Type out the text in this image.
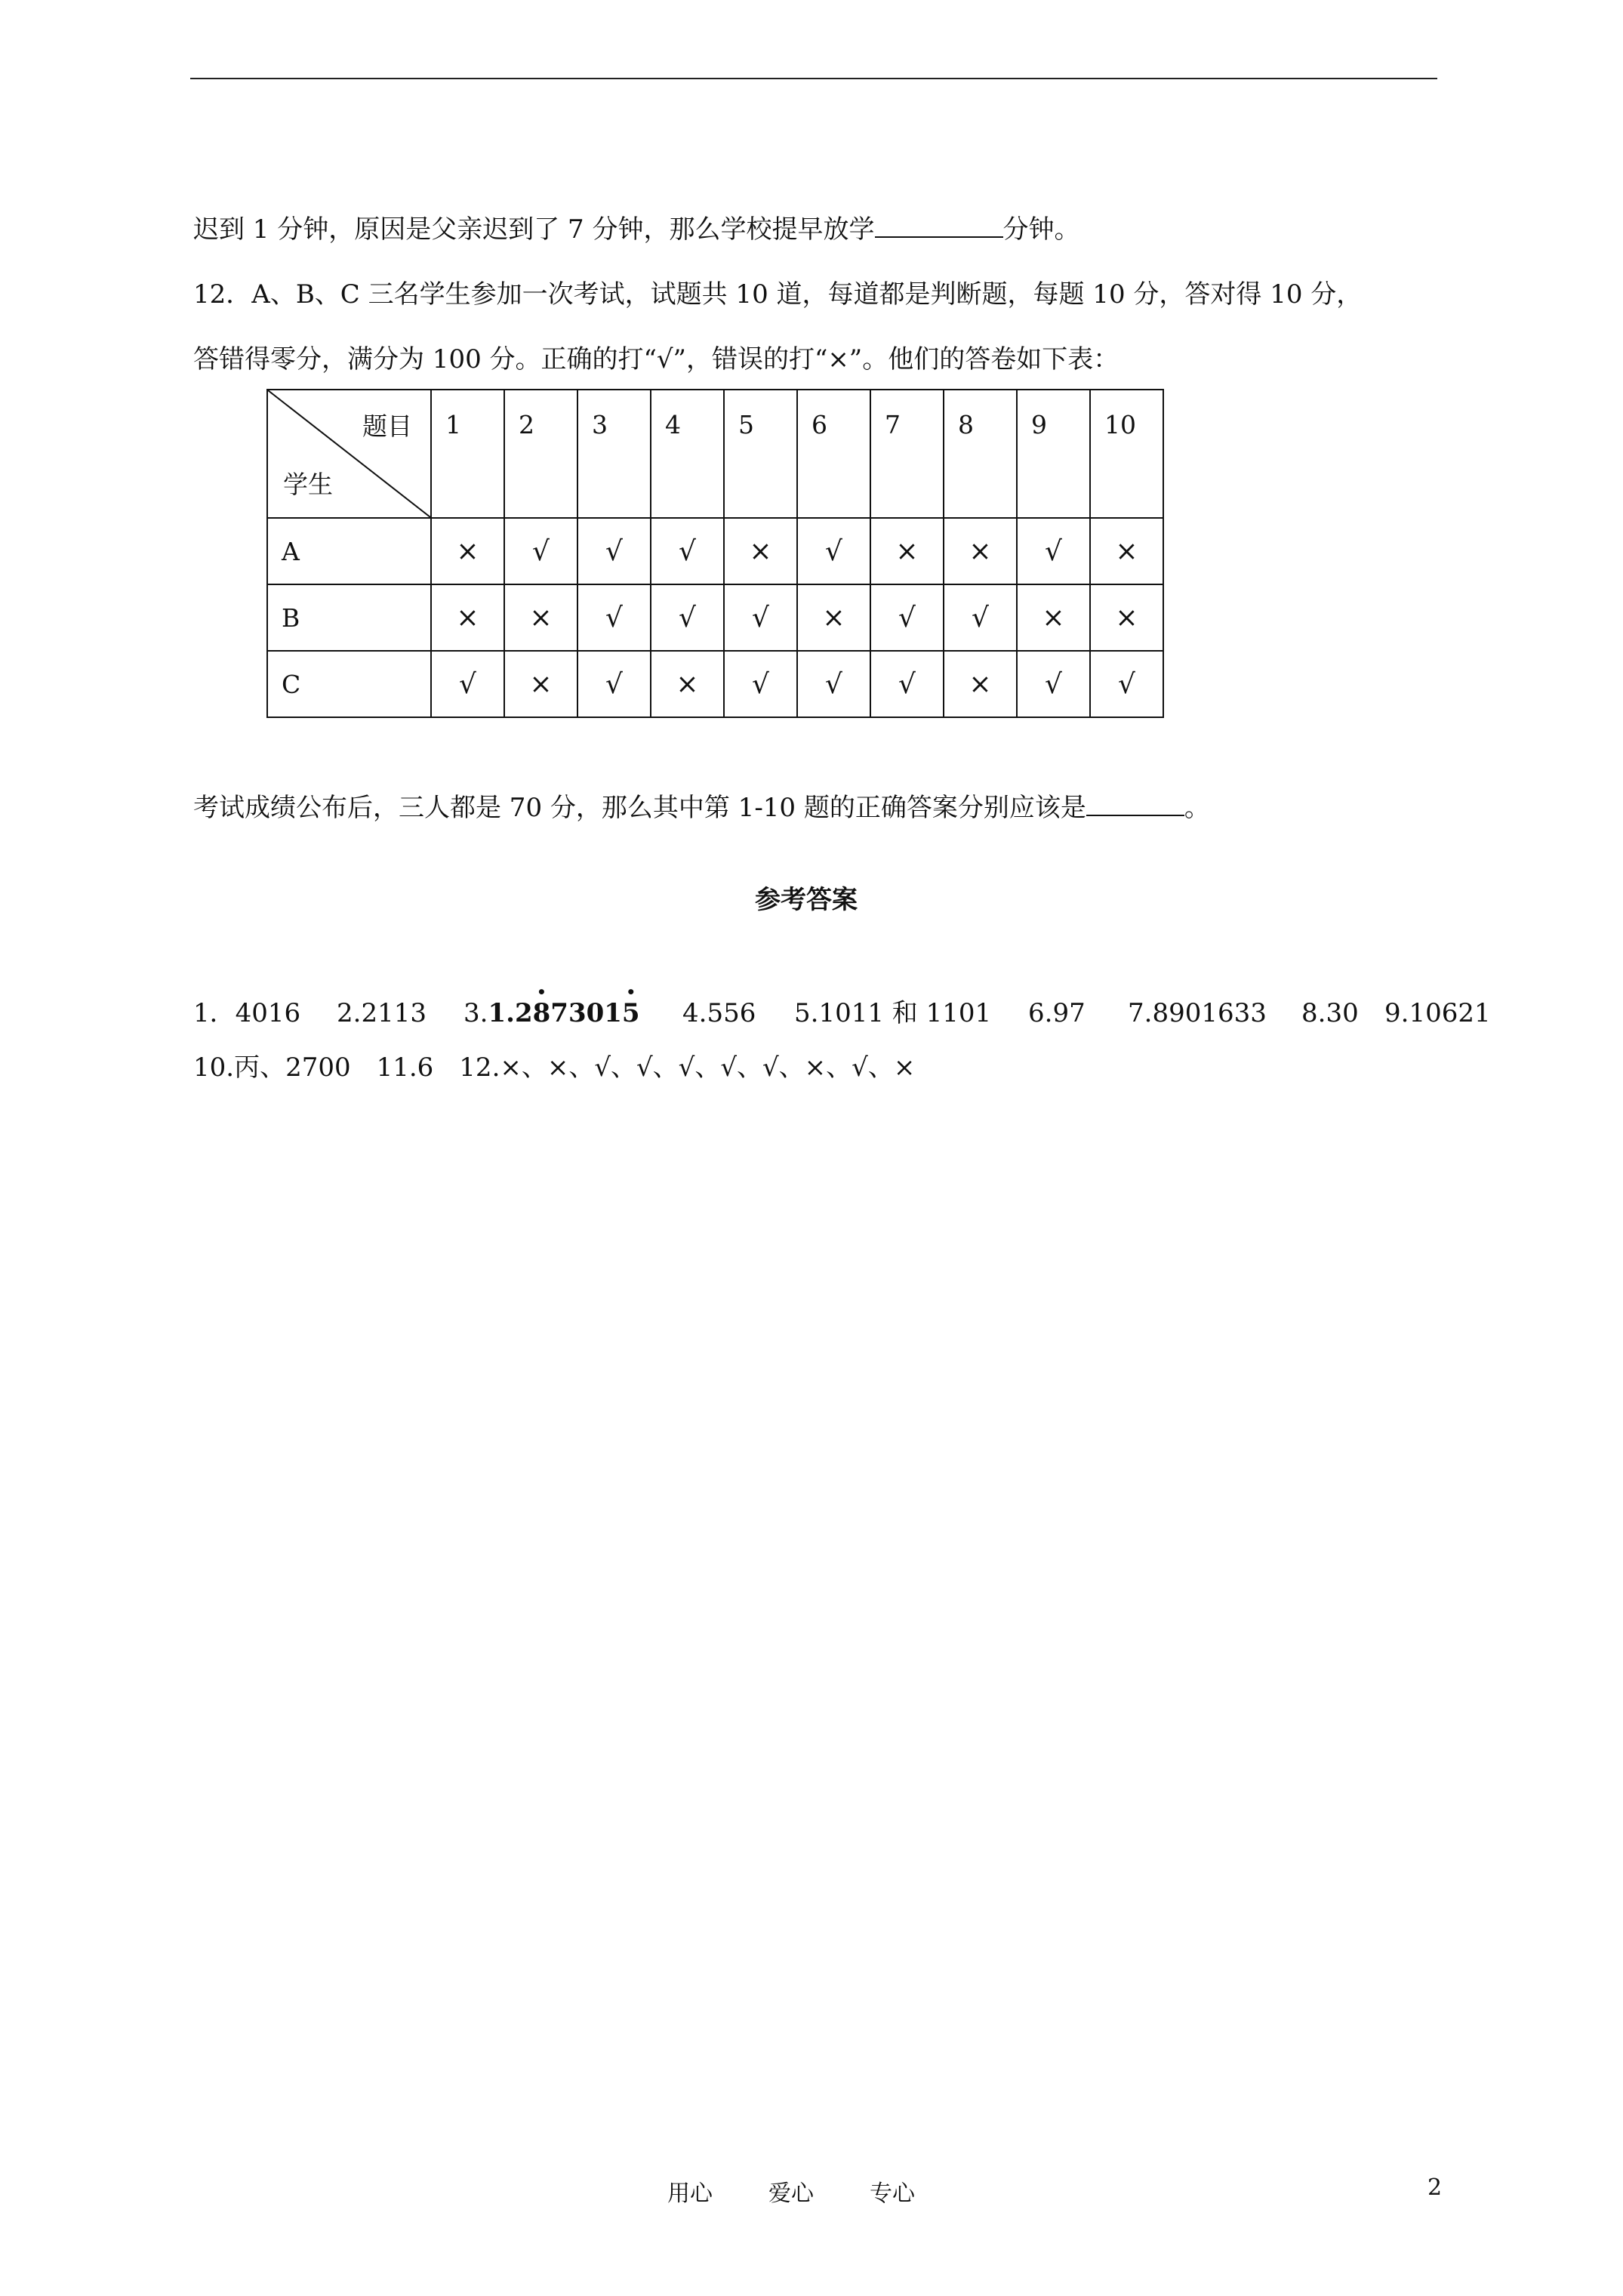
迟到 1 分钟，原因是父亲迟到了 7 分钟，那么学校提早放学	分钟。
12．A、B、C 三名学生参加一次考试，试题共 10 道，每道都是判断题，每题 10 分，答对得 10 分，
答错得零分，满分为 100 分。正确的打“√”，错误的打“×”。他们的答卷如下表：
题目
学生	1	2	3	4	5	6	7	8	9	10
A	×	√	√	√	×	√	×	×	√	×
B	×	×	√	√	√	×	√	√	×	×
C	√	×	√	×	√	√	√	×	√	√
考试成绩公布后，三人都是 70 分，那么其中第 1-10 题的正确答案分别应该是	。
参考答案
1．4016 2.2113 3.1.2• 87301• 5 4.556 5.1011 和 1101 6.97 7.8901633 8.30 9.10621
10.丙、2700　11.6　12.×、×、√、√、√、√、√、×、√、×
用心 爱心 专心	2
